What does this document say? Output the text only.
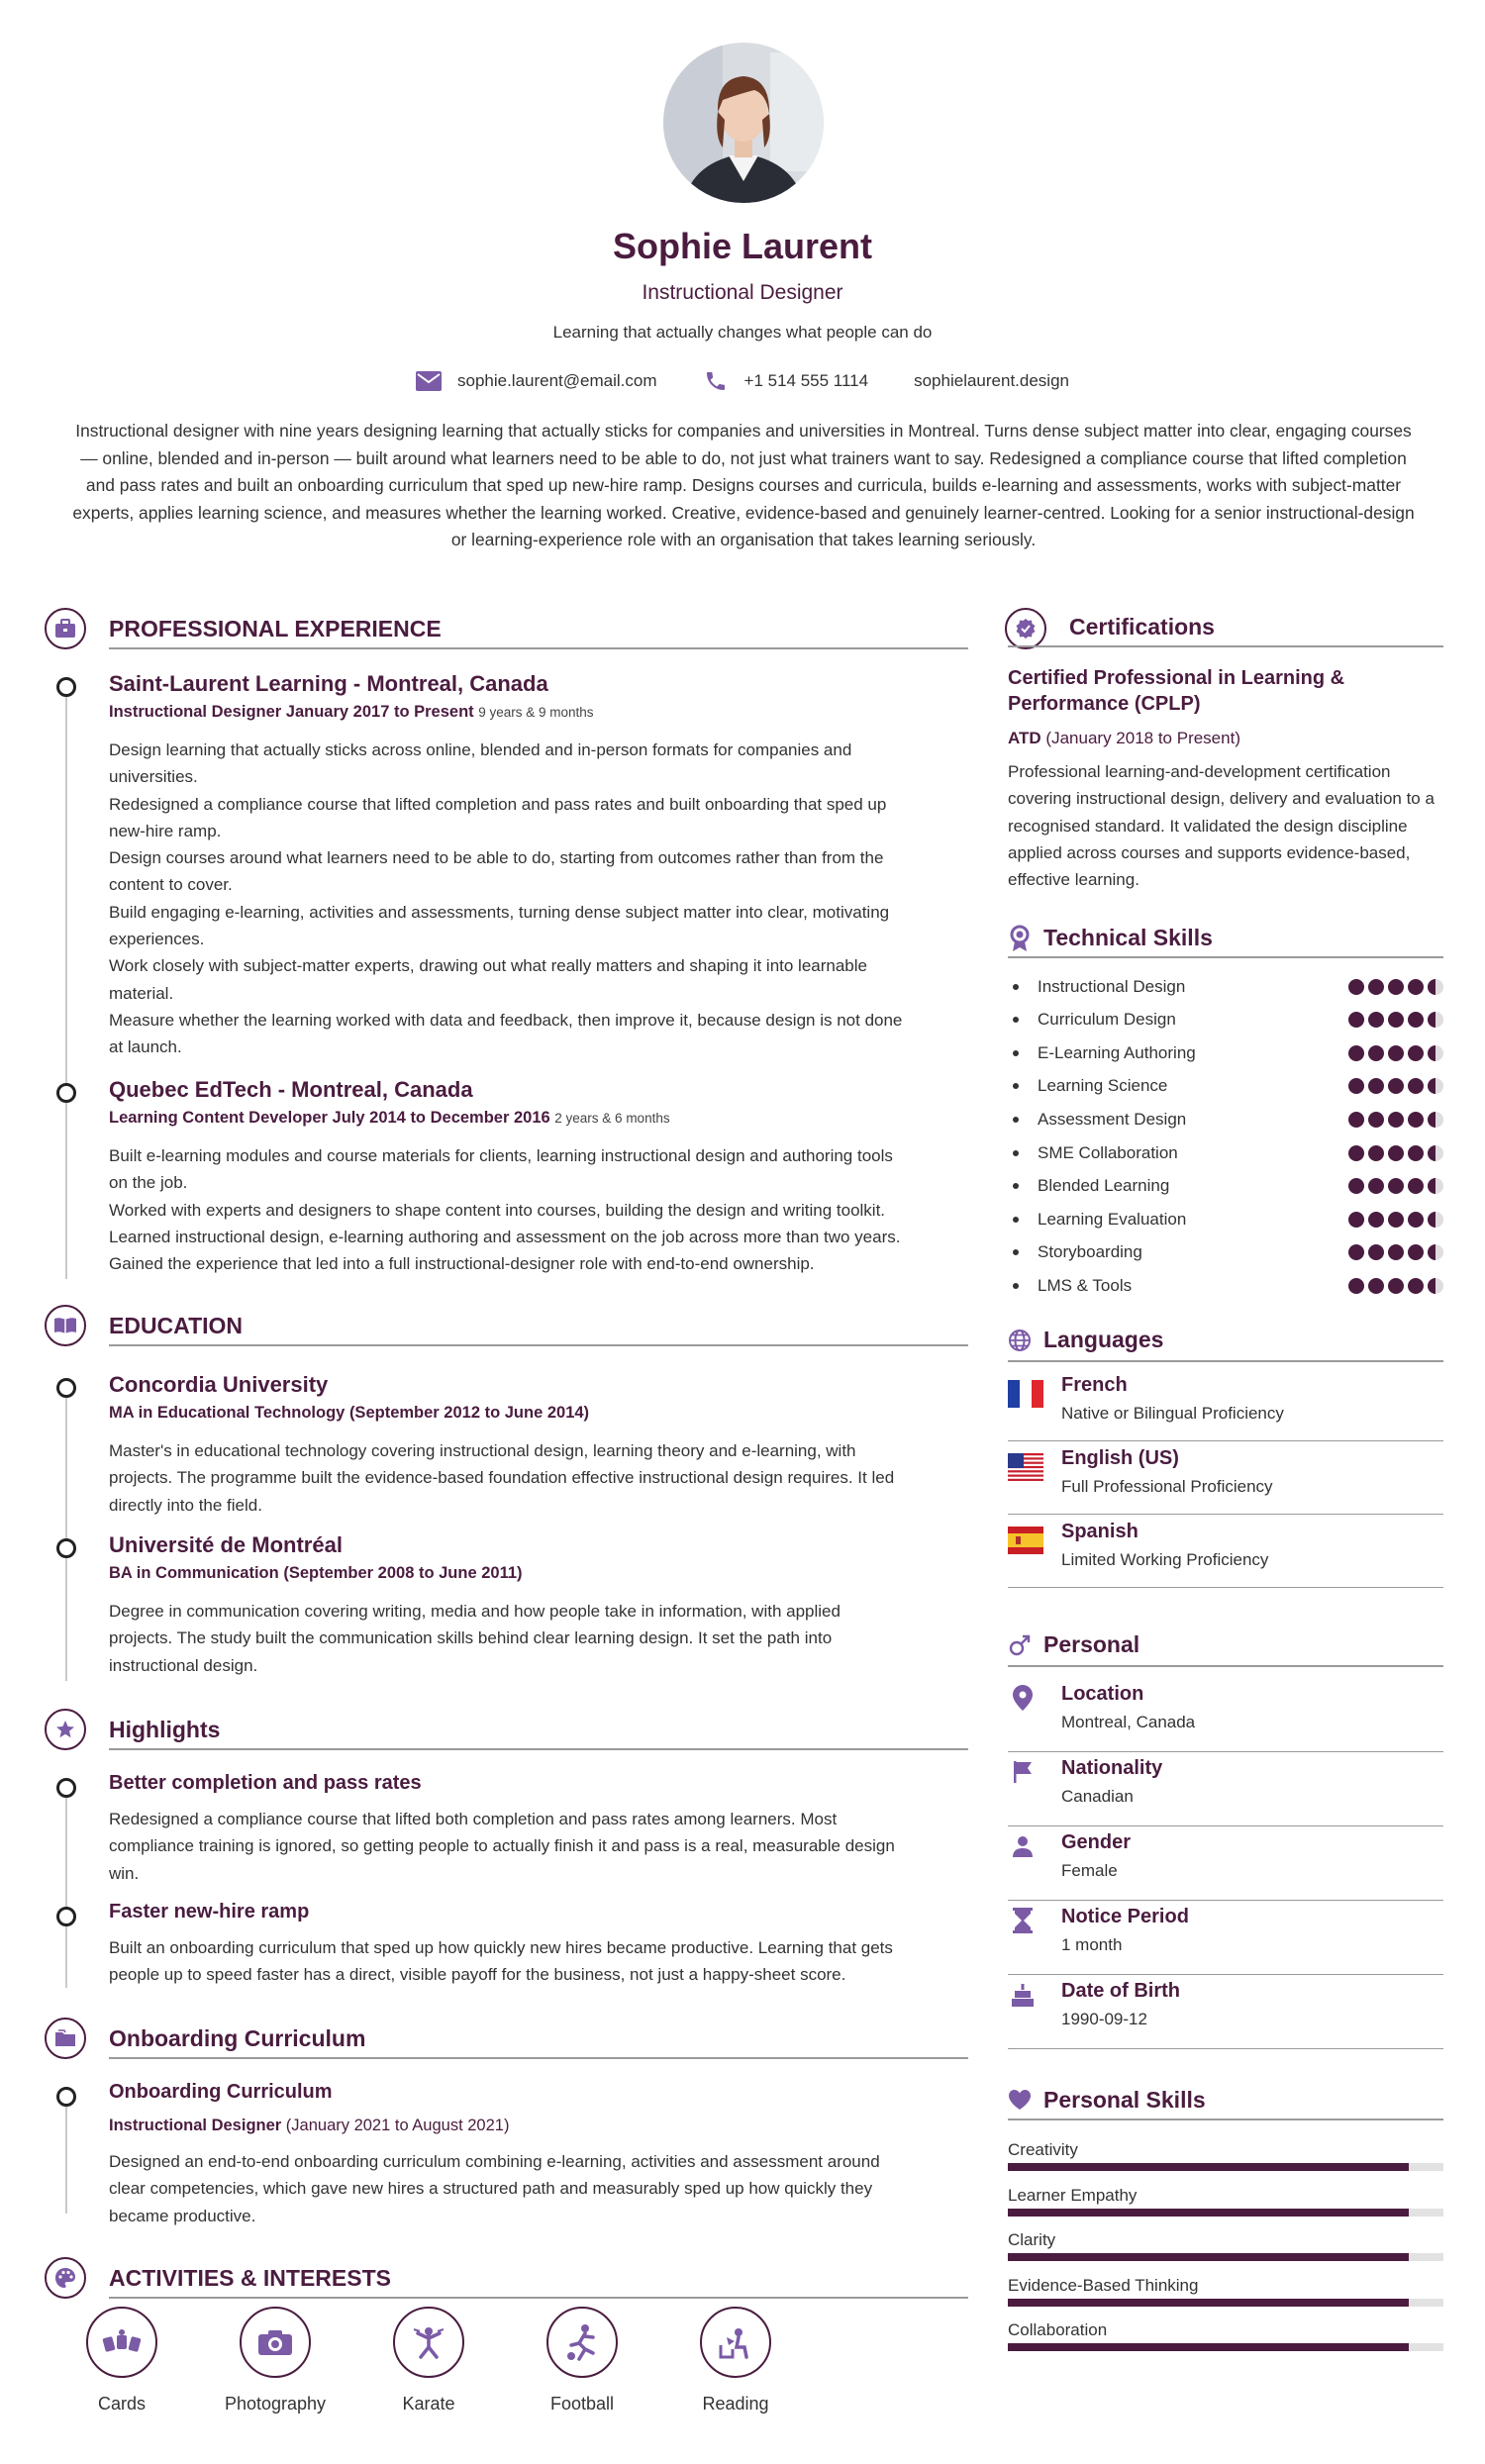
Sophie Laurent
Instructional Designer
Learning that actually changes what people can do
sophie.laurent@email.com	+1 514 555 1114	sophielaurent.design
Instructional designer with nine years designing learning that actually sticks for companies and universities in Montreal. Turns dense subject matter into clear, engaging courses — online, blended and in-person — built around what learners need to be able to do, not just what trainers want to say. Redesigned a compliance course that lifted completion and pass rates and built an onboarding curriculum that sped up new-hire ramp. Designs courses and curricula, builds e-learning and assessments, works with subject-matter experts, applies learning science, and measures whether the learning worked. Creative, evidence-based and genuinely learner-centred. Looking for a senior instructional-design or learning-experience role with an organisation that takes learning seriously.
PROFESSIONAL EXPERIENCE
Saint-Laurent Learning - Montreal, Canada
Instructional Designer January 2017 to Present 9 years & 9 months
Design learning that actually sticks across online, blended and in-person formats for companies and
universities.
Redesigned a compliance course that lifted completion and pass rates and built onboarding that sped up
new-hire ramp.
Design courses around what learners need to be able to do, starting from outcomes rather than from the
content to cover.
Build engaging e-learning, activities and assessments, turning dense subject matter into clear, motivating
experiences.
Work closely with subject-matter experts, drawing out what really matters and shaping it into learnable
material.
Measure whether the learning worked with data and feedback, then improve it, because design is not done
at launch.
Quebec EdTech - Montreal, Canada
Learning Content Developer July 2014 to December 2016 2 years & 6 months
Built e-learning modules and course materials for clients, learning instructional design and authoring tools
on the job.
Worked with experts and designers to shape content into courses, building the design and writing toolkit.
Learned instructional design, e-learning authoring and assessment on the job across more than two years.
Gained the experience that led into a full instructional-designer role with end-to-end ownership.
EDUCATION
Concordia University
MA in Educational Technology (September 2012 to June 2014)
Master's in educational technology covering instructional design, learning theory and e-learning, with
projects. The programme built the evidence-based foundation effective instructional design requires. It led
directly into the field.
Université de Montréal
BA in Communication (September 2008 to June 2011)
Degree in communication covering writing, media and how people take in information, with applied
projects. The study built the communication skills behind clear learning design. It set the path into
instructional design.
Highlights
Better completion and pass rates
Redesigned a compliance course that lifted both completion and pass rates among learners. Most
compliance training is ignored, so getting people to actually finish it and pass is a real, measurable design
win.
Faster new-hire ramp
Built an onboarding curriculum that sped up how quickly new hires became productive. Learning that gets
people up to speed faster has a direct, visible payoff for the business, not just a happy-sheet score.
Onboarding Curriculum
Onboarding Curriculum
Instructional Designer (January 2021 to August 2021)
Designed an end-to-end onboarding curriculum combining e-learning, activities and assessment around
clear competencies, which gave new hires a structured path and measurably sped up how quickly they
became productive.
ACTIVITIES & INTERESTS
Cards	Photography	Karate	Football	Reading
Certifications
Certified Professional in Learning & Performance (CPLP)
ATD (January 2018 to Present)
Professional learning-and-development certification covering instructional design, delivery and evaluation to a recognised standard. It validated the design discipline applied across courses and supports evidence-based, effective learning.
Technical Skills
Instructional Design
Curriculum Design
E-Learning Authoring
Learning Science
Assessment Design
SME Collaboration
Blended Learning
Learning Evaluation
Storyboarding
LMS & Tools
Languages
French
Native or Bilingual Proficiency
English (US)
Full Professional Proficiency
Spanish
Limited Working Proficiency
Personal
Location
Montreal, Canada
Nationality
Canadian
Gender
Female
Notice Period
1 month
Date of Birth
1990-09-12
Personal Skills
Creativity
Learner Empathy
Clarity
Evidence-Based Thinking
Collaboration
